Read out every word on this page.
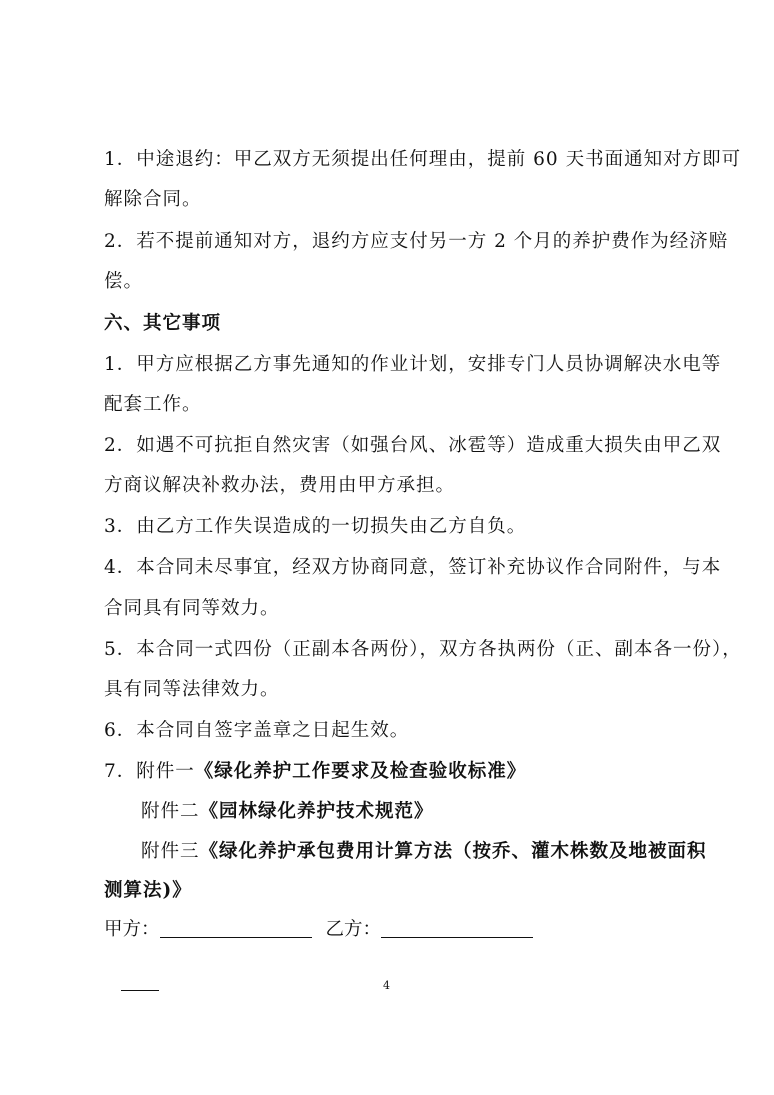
1．中途退约：甲乙双方无须提出任何理由，提前 60 天书面通知对方即可
解除合同。
2．若不提前通知对方，退约方应支付另一方 2 个月的养护费作为经济赔
偿。
六、其它事项
1．甲方应根据乙方事先通知的作业计划，安排专门人员协调解决水电等
配套工作。
2．如遇不可抗拒自然灾害（如强台风、冰雹等）造成重大损失由甲乙双
方商议解决补救办法，费用由甲方承担。
3．由乙方工作失误造成的一切损失由乙方自负。
4．本合同未尽事宜，经双方协商同意，签订补充协议作合同附件，与本
合同具有同等效力。
5．本合同一式四份（正副本各两份），双方各执两份（正、副本各一份），
具有同等法律效力。
6．本合同自签字盖章之日起生效。
7．附件一《绿化养护工作要求及检查验收标准》
附件二《园林绿化养护技术规范》
附件三《绿化养护承包费用计算方法（按乔、灌木株数及地被面积
测算法)》
甲方：	乙方：
4
